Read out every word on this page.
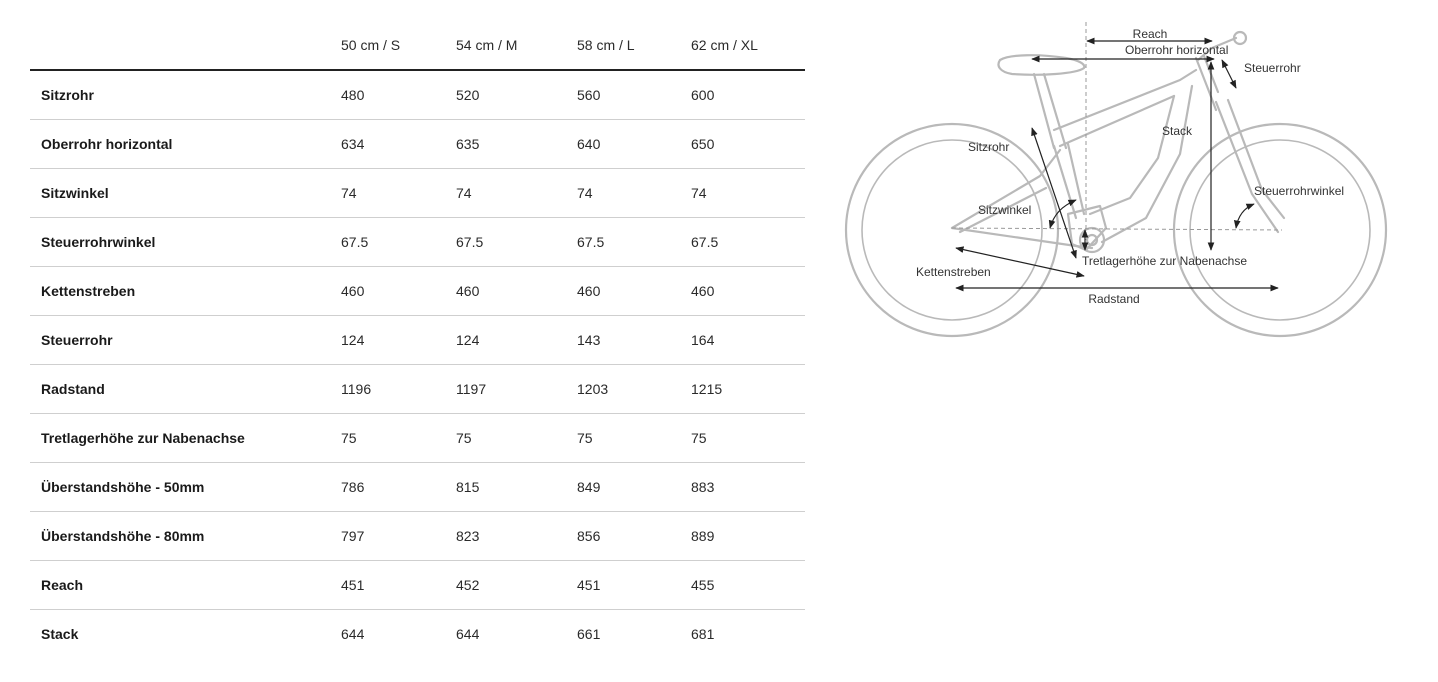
	50 cm / S	54 cm / M	58 cm / L	62 cm / XL
Sitzrohr	480	520	560	600
Oberrohr horizontal	634	635	640	650
Sitzwinkel	74	74	74	74
Steuerrohrwinkel	67.5	67.5	67.5	67.5
Kettenstreben	460	460	460	460
Steuerrohr	124	124	143	164
Radstand	1196	1197	1203	1215
Tretlagerhöhe zur Nabenachse	75	75	75	75
Überstandshöhe - 50mm	786	815	849	883
Überstandshöhe - 80mm	797	823	856	889
Reach	451	452	451	455
Stack	644	644	661	681
Reach
Oberrohr horizontal
Steuerrohr
Stack
Sitzrohr
Steuerrohrwinkel
Sitzwinkel
Tretlagerhöhe zur Nabenachse
Kettenstreben
Radstand
